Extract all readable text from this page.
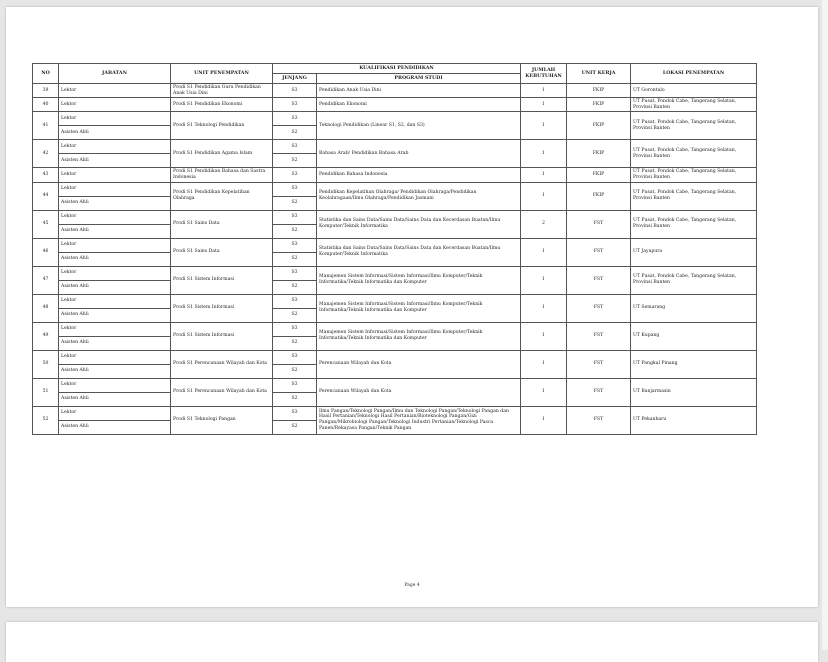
NO	JABATAN	UNIT PENEMPATAN	KUALIFIKASI PENDIDIKAN		JUMLAH KEBUTUHAN	UNIT KERJA	LOKASI PENEMPATAN
			JENJANG	PROGRAM STUDI			
39	Lektor	Prodi S1 Pendidikan Guru Pendidikan Anak Usia Dini	S3	Pendidikan Anak Usia Dini	1	FKIP	UT Gorontalo
40	Lektor	Prodi S1 Pendidikan Ekonomi	S3	Pendidikan Ekonomi	1	FKIP	UT Pusat, Pondok Cabe, Tangerang Selatan, Provinsi Banten
41	Lektor	Prodi S1 Teknologi Pendidikan	S3	Teknologi Pendidikan (Linear S1, S2, dan S3)	1	FKIP	UT Pusat, Pondok Cabe, Tangerang Selatan, Provinsi Banten
	Asisten Ahli		S2				
42	Lektor	Prodi S1 Pendidikan Agama Islam	S3	Bahasa Arab/ Pendidikan Bahasa Arab	1	FKIP	UT Pusat, Pondok Cabe, Tangerang Selatan, Provinsi Banten
	Asisten Ahli		S2				
43	Lektor	Prodi S1 Pendidikan Bahasa dan Sastra Indonesia	S3	Pendidikan Bahasa Indonesia	1	FKIP	UT Pusat, Pondok Cabe, Tangerang Selatan, Provinsi Banten
44	Lektor	Prodi S1 Pendidikan Kepelatihan Olahraga	S3	Pendidikan Kepelatihan Olahraga/ Pendidikan Olahraga/Pendidikan Keolahragaan/Ilmu Olahraga/Pendidikan Jasmani	1	FKIP	UT Pusat, Pondok Cabe, Tangerang Selatan, Provinsi Banten
	Asisten Ahli		S2				
45	Lektor	Prodi S1 Sains Data	S3	Statistika dan Sains Data/Sains Data/Sains Data dan Kecerdasan Buatan/Ilmu Komputer/Teknik Informatika	2	FST	UT Pusat, Pondok Cabe, Tangerang Selatan, Provinsi Banten
	Asisten Ahli		S2				
46	Lektor	Prodi S1 Sains Data	S3	Statistika dan Sains Data/Sains Data/Sains Data dan Kecerdasan Buatan/Ilmu Komputer/Teknik Informatika	1	FST	UT Jayapura
	Asisten Ahli		S2				
47	Lektor	Prodi S1 Sistem Informasi	S3	Manajemen Sistem Informasi/Sistem Informasi/Ilmu Komputer/Teknik Informatika/Teknik Informatika dan Komputer	1	FST	UT Pusat, Pondok Cabe, Tangerang Selatan, Provinsi Banten
	Asisten Ahli		S2				
48	Lektor	Prodi S1 Sistem Informasi	S3	Manajemen Sistem Informasi/Sistem Informasi/Ilmu Komputer/Teknik Informatika/Teknik Informatika dan Komputer	1	FST	UT Semarang
	Asisten Ahli		S2				
49	Lektor	Prodi S1 Sistem Informasi	S3	Manajemen Sistem Informasi/Sistem Informasi/Ilmu Komputer/Teknik Informatika/Teknik Informatika dan Komputer	1	FST	UT Kupang
	Asisten Ahli		S2				
50	Lektor	Prodi S1 Perencanaan Wilayah dan Kota	S3	Perencanaan Wilayah dan Kota	1	FST	UT Pangkal Pinang
	Asisten Ahli		S2				
51	Lektor	Prodi S1 Perencanaan Wilayah dan Kota	S3	Perencanaan Wilayah dan Kota	1	FST	UT Banjarmasin
	Asisten Ahli		S2				
52	Lektor	Prodi S1 Teknologi Pangan	S3	Ilmu Pangan/Teknologi Pangan/Ilmu dan Teknologi Pangan/Teknologi Pangan dan Hasil Pertanian/Teknologi Hasil Pertanian/Bioteknologi Pangan/Gizi Pangan/Mikrobiologi Pangan/Teknologi Industri Pertanian/Teknologi Pasca Panen/Rekayasa Pangan/Teknik Pangan	1	FST	UT Pekanbaru
	Asisten Ahli		S2				
Page 4
